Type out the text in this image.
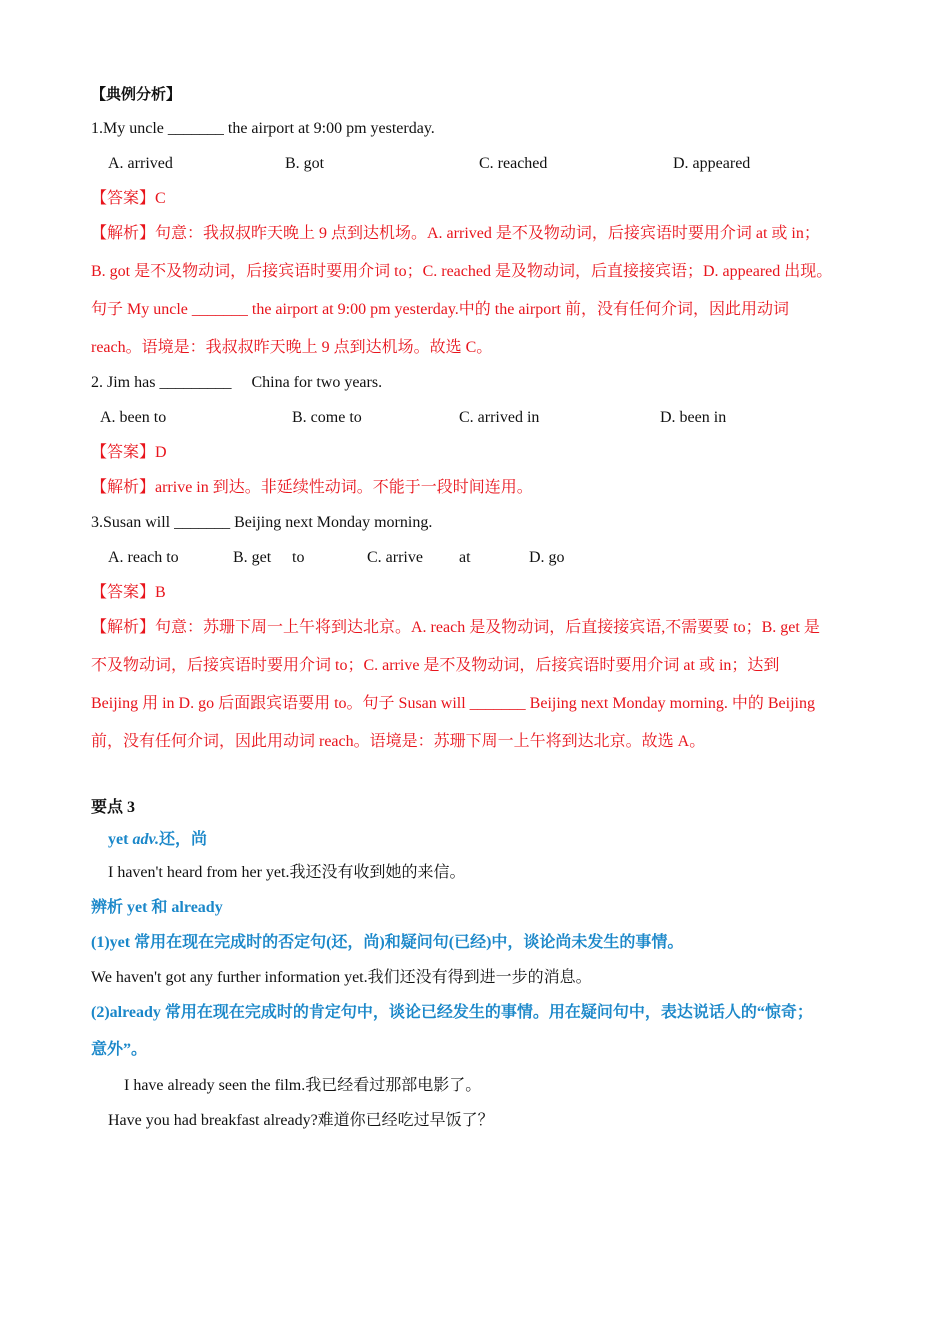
【典例分析】
1.My uncle _______ the airport at 9:00 pm yesterday.
A. arrived	B. got	C. reached	D. appeared
【答案】C
【解析】句意：我叔叔昨天晚上 9 点到达机场。A. arrived 是不及物动词，后接宾语时要用介词 at 或 in；
B. got 是不及物动词，后接宾语时要用介词 to；C. reached 是及物动词，后直接接宾语；D. appeared 出现。
句子 My uncle _______ the airport at 9:00 pm yesterday.中的 the airport 前，没有任何介词，因此用动词
reach。语境是：我叔叔昨天晚上 9 点到达机场。故选 C。
2. Jim has _________ China for two years.
A. been to	B. come to	C. arrived in	D. been in
【答案】D
【解析】arrive in 到达。非延续性动词。不能于一段时间连用。
3.Susan will _______ Beijing next Monday morning.
A. reach to	B. get to	C. arrive at	D. go
【答案】B
【解析】句意：苏珊下周一上午将到达北京。A. reach 是及物动词，后直接接宾语,不需要要 to；B. get 是
不及物动词，后接宾语时要用介词 to；C. arrive 是不及物动词，后接宾语时要用介词 at 或 in；达到
Beijing 用 in D. go 后面跟宾语要用 to。句子 Susan will _______ Beijing next Monday morning. 中的 Beijing
前，没有任何介词，因此用动词 reach。语境是：苏珊下周一上午将到达北京。故选 A。
要点 3
yet adv.还，尚
I haven't heard from her yet.我还没有收到她的来信。
辨析 yet 和 already
(1)yet 常用在现在完成时的否定句(还，尚)和疑问句(已经)中，谈论尚未发生的事情。
We haven't got any further information yet.我们还没有得到进一步的消息。
(2)already 常用在现在完成时的肯定句中，谈论已经发生的事情。用在疑问句中，表达说话人的“惊奇；
意外”。
I have already seen the film.我已经看过那部电影了。
Have you had breakfast already?难道你已经吃过早饭了？
